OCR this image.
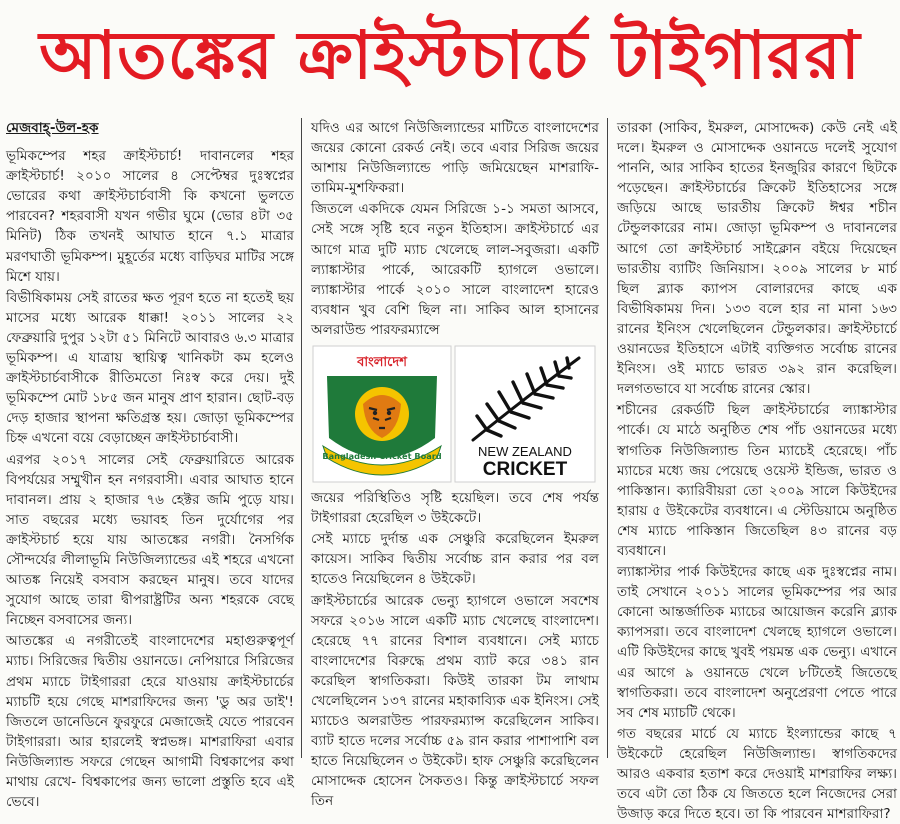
আতঙ্কের ক্রাইস্টচার্চে টাইগাররা
মেজবাহ্-উল-হক

ভূমিকম্পের শহর ক্রাইস্টচার্চ! দাবানলের শহর ক্রাইস্টচার্চ! ২০১০ সালের ৪ সেপ্টেম্বর দুঃস্বপ্নের ভোরের কথা ক্রাইস্টচার্চবাসী কি কখনো ভুলতে পারবেন? শহরবাসী যখন গভীর ঘুমে (ভোর ৪টা ৩৫ মিনিট) ঠিক তখনই আঘাত হানে ৭.১ মাত্রার মরণঘাতী ভূমিকম্প। মুহূর্তের মধ্যে বাড়িঘর মাটির সঙ্গে মিশে যায়।

বিভীষিকাময় সেই রাতের ক্ষত পূরণ হতে না হতেই ছয় মাসের মধ্যে আরেক ধাক্কা! ২০১১ সালের ২২ ফেব্রুয়ারি দুপুর ১২টা ৫১ মিনিটে আবারও ৬.৩ মাত্রার ভূমিকম্প। এ যাত্রায় স্থায়িত্ব খানিকটা কম হলেও ক্রাইস্টচার্চবাসীকে রীতিমতো নিঃস্ব করে দেয়। দুই ভূমিকম্পে মোট ১৮৫ জন মানুষ প্রাণ হারান। ছোট-বড় দেড় হাজার স্থাপনা ক্ষতিগ্রস্ত হয়। জোড়া ভূমিকম্পের চিহ্ন এখনো বয়ে বেড়াচ্ছেন ক্রাইস্টচার্চবাসী।

এরপর ২০১৭ সালের সেই ফেব্রুয়ারিতে আরেক বিপর্যয়ের সম্মুখীন হন নগরবাসী। এবার আঘাত হানে দাবানল। প্রায় ২ হাজার ৭৬ হেক্টর জমি পুড়ে যায়। সাত বছরের মধ্যে ভয়াবহ তিন দুর্যোগের পর ক্রাইস্টচার্চ হয়ে যায় আতঙ্কের নগরী। নৈসর্গিক সৌন্দর্যের লীলাভূমি নিউজিল্যান্ডের এই শহরে এখনো আতঙ্ক নিয়েই বসবাস করছেন মানুষ। তবে যাদের সুযোগ আছে তারা দ্বীপরাষ্ট্রটির অন্য শহরকে বেছে নিচ্ছেন বসবাসের জন্য।

আতঙ্কের এ নগরীতেই বাংলাদেশের মহাগুরুত্বপূর্ণ ম্যাচ। সিরিজের দ্বিতীয় ওয়ানডে। নেপিয়ারে সিরিজের প্রথম ম্যাচে টাইগাররা হেরে যাওয়ায় ক্রাইস্টচার্চের ম্যাচটি হয়ে গেছে মাশরাফিদের জন্য 'ডু অর ডাই'! জিতলে ডানেডিনে ফুরফুরে মেজাজেই যেতে পারবেন টাইগাররা। আর হারলেই স্বপ্নভঙ্গ। মাশরাফিরা এবার নিউজিল্যান্ড সফরে গেছেন আগামী বিশ্বকাপের কথা মাথায় রেখে- বিশ্বকাপের জন্য ভালো প্রস্তুতি হবে এই ভেবে।

যদিও এর আগে নিউজিল্যান্ডের মাটিতে বাংলাদেশের জয়ের কোনো রেকর্ড নেই। তবে এবার সিরিজ জয়ের আশায় নিউজিল্যান্ডে পাড়ি জমিয়েছেন মাশরাফি-তামিম-মুশফিকরা।

জিতলে একদিকে যেমন সিরিজে ১-১ সমতা আসবে, সেই সঙ্গে সৃষ্টি হবে নতুন ইতিহাস। ক্রাইস্টচার্চে এর আগে মাত্র দুটি ম্যাচ খেলেছে লাল-সবুজরা। একটি ল্যাঙ্কাস্টার পার্কে, আরেকটি হ্যাগলে ওভালে। ল্যাঙ্কাস্টার পার্কে ২০১০ সালে বাংলাদেশ হারেও ব্যবধান খুব বেশি ছিল না। সাকিব আল হাসানের অলরাউন্ড পারফরম্যান্সে

বাংলাদেশ
Bangladesh Cricket Board	NEW ZEALAND
CRICKET

জয়ের পরিস্থিতিও সৃষ্টি হয়েছিল। তবে শেষ পর্যন্ত টাইগাররা হেরেছিল ৩ উইকেটে।

সেই ম্যাচে দুর্দান্ত এক সেঞ্চুরি করেছিলেন ইমরুল কায়েস। সাকিব দ্বিতীয় সর্বোচ্চ রান করার পর বল হাতেও নিয়েছিলেন ৪ উইকেট।

ক্রাইস্টচার্চের আরেক ভেন্যু হ্যাগলে ওভালে সবশেষ সফরে ২০১৬ সালে একটি ম্যাচ খেলেছে বাংলাদেশ। হেরেছে ৭৭ রানের বিশাল ব্যবধানে। সেই ম্যাচে বাংলাদেশের বিরুদ্ধে প্রথম ব্যাট করে ৩৪১ রান করেছিল স্বাগতিকরা। কিউই তারকা টম লাথাম খেলেছিলেন ১৩৭ রানের মহাকাব্যিক এক ইনিংস। সেই ম্যাচেও অলরাউন্ড পারফরম্যান্স করেছিলেন সাকিব। ব্যাট হাতে দলের সর্বোচ্চ ৫৯ রান করার পাশাপাশি বল হাতে নিয়েছিলেন ৩ উইকেট। হাফ সেঞ্চুরি করেছিলেন মোসাদ্দেক হোসেন সৈকতও। কিন্তু ক্রাইস্টচার্চে সফল তিন

তারকা (সাকিব, ইমরুল, মোসাদ্দেক) কেউ নেই এই দলে। ইমরুল ও মোসাদ্দেক ওয়ানডে দলেই সুযোগ পাননি, আর সাকিব হাতের ইনজুরির কারণে ছিটকে পড়েছেন। ক্রাইস্টচার্চের ক্রিকেট ইতিহাসের সঙ্গে জড়িয়ে আছে ভারতীয় ক্রিকেট ঈশ্বর শচীন টেন্ডুলকারের নাম। জোড়া ভূমিকম্প ও দাবানলের আগে তো ক্রাইস্টচার্চ সাইক্লোন বইয়ে দিয়েছেন ভারতীয় ব্যাটিং জিনিয়াস। ২০০৯ সালের ৮ মার্চ ছিল ব্ল্যাক ক্যাপস বোলারদের কাছে এক বিভীষিকাময় দিন। ১৩৩ বলে হার না মানা ১৬৩ রানের ইনিংস খেলেছিলেন টেন্ডুলকার। ক্রাইস্টচার্চে ওয়ানডের ইতিহাসে এটাই ব্যক্তিগত সর্বোচ্চ রানের ইনিংস। ওই ম্যাচে ভারত ৩৯২ রান করেছিল। দলগতভাবে যা সর্বোচ্চ রানের স্কোর।

শচীনের রেকর্ডটি ছিল ক্রাইস্টচার্চের ল্যাঙ্কাস্টার পার্কে। যে মাঠে অনুষ্ঠিত শেষ পাঁচ ওয়ানডের মধ্যে স্বাগতিক নিউজিল্যান্ড তিন ম্যাচেই হেরেছে। পাঁচ ম্যাচের মধ্যে জয় পেয়েছে ওয়েস্ট ইন্ডিজ, ভারত ও পাকিস্তান। ক্যারিবীয়রা তো ২০০৯ সালে কিউইদের হারায় ৫ উইকেটের ব্যবধানে। এ স্টেডিয়ামে অনুষ্ঠিত শেষ ম্যাচে পাকিস্তান জিতেছিল ৪৩ রানের বড় ব্যবধানে।

ল্যাঙ্কাস্টার পার্ক কিউইদের কাছে এক দুঃস্বপ্নের নাম। তাই সেখানে ২০১১ সালের ভূমিকম্পের পর আর কোনো আন্তর্জাতিক ম্যাচের আয়োজন করেনি ব্ল্যাক ক্যাপসরা। তবে বাংলাদেশ খেলছে হ্যাগলে ওভালে। এটি কিউইদের কাছে খুবই পয়মন্ত এক ভেন্যু। এখানে এর আগে ৯ ওয়ানডে খেলে ৮টিতেই জিতেছে স্বাগতিকরা। তবে বাংলাদেশ অনুপ্রেরণা পেতে পারে সব শেষ ম্যাচটি থেকে।

গত বছরের মার্চে যে ম্যাচে ইংল্যান্ডের কাছে ৭ উইকেটে হেরেছিল নিউজিল্যান্ড। স্বাগতিকদের আরও একবার হতাশ করে দেওয়াই মাশরাফির লক্ষ্য। তবে এটা তো ঠিক যে জিততে হলে নিজেদের সেরা উজাড় করে দিতে হবে। তা কি পারবেন মাশরাফিরা?
